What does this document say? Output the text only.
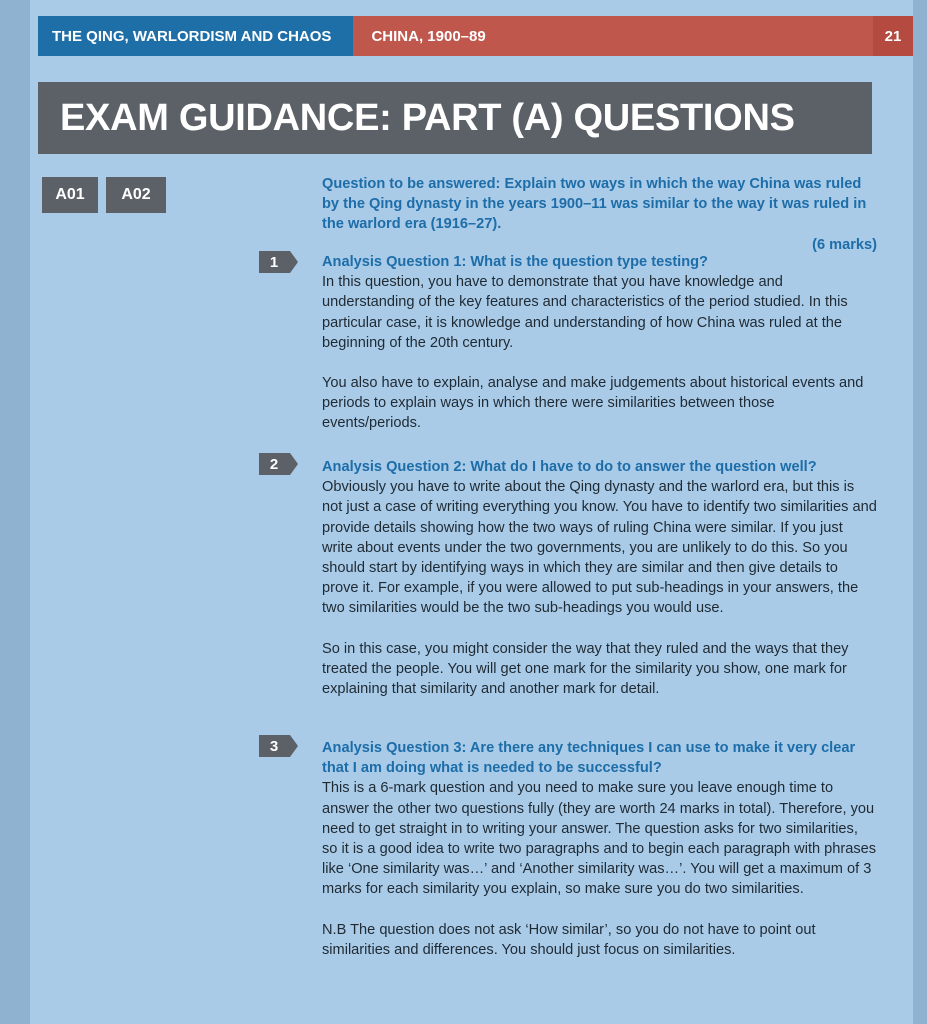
THE QING, WARLORDISM AND CHAOS	CHINA, 1900–89	21
EXAM GUIDANCE: PART (A) QUESTIONS
A01	A02
Question to be answered: Explain two ways in which the way China was ruled by the Qing dynasty in the years 1900–11 was similar to the way it was ruled in the warlord era (1916–27).
(6 marks)
1	Analysis Question 1: What is the question type testing?

In this question, you have to demonstrate that you have knowledge and understanding of the key features and characteristics of the period studied. In this particular case, it is knowledge and understanding of how China was ruled at the beginning of the 20th century.

You also have to explain, analyse and make judgements about historical events and periods to explain ways in which there were similarities between those events/periods.

2	Analysis Question 2: What do I have to do to answer the question well?

Obviously you have to write about the Qing dynasty and the warlord era, but this is not just a case of writing everything you know. You have to identify two similarities and provide details showing how the two ways of ruling China were similar. If you just write about events under the two governments, you are unlikely to do this. So you should start by identifying ways in which they are similar and then give details to prove it. For example, if you were allowed to put sub-headings in your answers, the two similarities would be the two sub-headings you would use.

So in this case, you might consider the way that they ruled and the ways that they treated the people. You will get one mark for the similarity you show, one mark for explaining that similarity and another mark for detail.

3	Analysis Question 3: Are there any techniques I can use to make it very clear that I am doing what is needed to be successful?

This is a 6-mark question and you need to make sure you leave enough time to answer the other two questions fully (they are worth 24 marks in total). Therefore, you need to get straight in to writing your answer. The question asks for two similarities, so it is a good idea to write two paragraphs and to begin each paragraph with phrases like ‘One similarity was…’ and ‘Another similarity was…’. You will get a maximum of 3 marks for each similarity you explain, so make sure you do two similarities.

N.B The question does not ask ‘How similar’, so you do not have to point out similarities and differences. You should just focus on similarities.
